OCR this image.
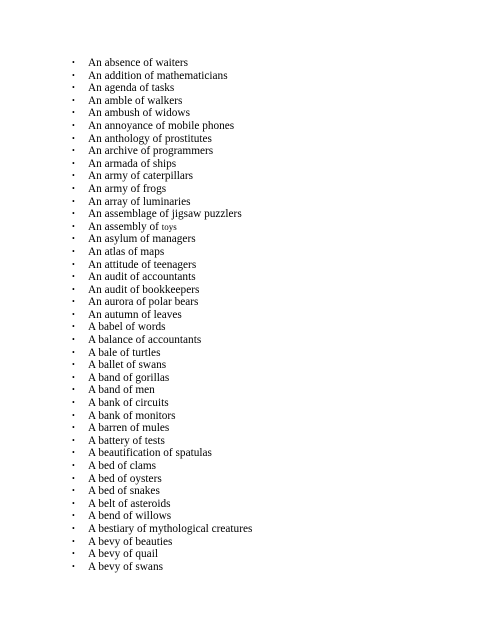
•	An absence of waiters
•	An addition of mathematicians
•	An agenda of tasks
•	An amble of walkers
•	An ambush of widows
•	An annoyance of mobile phones
•	An anthology of prostitutes
•	An archive of programmers
•	An armada of ships
•	An army of caterpillars
•	An army of frogs
•	An array of luminaries
•	An assemblage of jigsaw puzzlers
•	An assembly of toys
•	An asylum of managers
•	An atlas of maps
•	An attitude of teenagers
•	An audit of accountants
•	An audit of bookkeepers
•	An aurora of polar bears
•	An autumn of leaves
•	A babel of words
•	A balance of accountants
•	A bale of turtles
•	A ballet of swans
•	A band of gorillas
•	A band of men
•	A bank of circuits
•	A bank of monitors
•	A barren of mules
•	A battery of tests
•	A beautification of spatulas
•	A bed of clams
•	A bed of oysters
•	A bed of snakes
•	A belt of asteroids
•	A bend of willows
•	A bestiary of mythological creatures
•	A bevy of beauties
•	A bevy of quail
•	A bevy of swans
